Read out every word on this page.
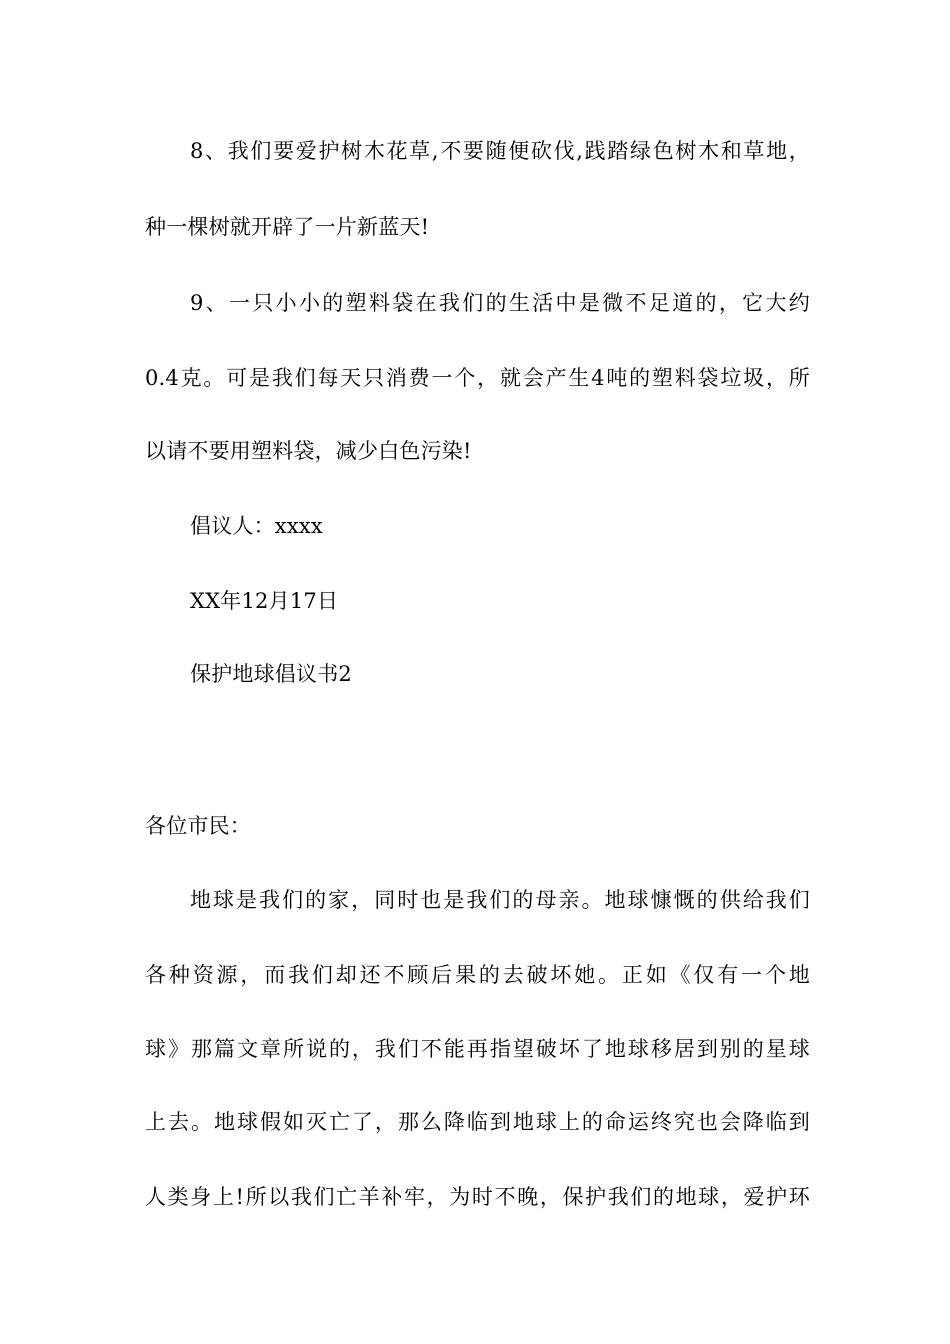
8、我们要爱护树木花草,不要随便砍伐,践踏绿色树木和草地，
种一棵树就开辟了一片新蓝天!
9、一只小小的塑料袋在我们的生活中是微不足道的，它大约
0.4克。可是我们每天只消费一个，就会产生4吨的塑料袋垃圾，所
以请不要用塑料袋，减少白色污染!
倡议人：xxxx
XX年12月17日
保护地球倡议书2
各位市民：
地球是我们的家，同时也是我们的母亲。地球慷慨的供给我们
各种资源，而我们却还不顾后果的去破坏她。正如《仅有一个地
球》那篇文章所说的，我们不能再指望破坏了地球移居到别的星球
上去。地球假如灭亡了，那么降临到地球上的命运终究也会降临到
人类身上!所以我们亡羊补牢，为时不晚，保护我们的地球，爱护环
